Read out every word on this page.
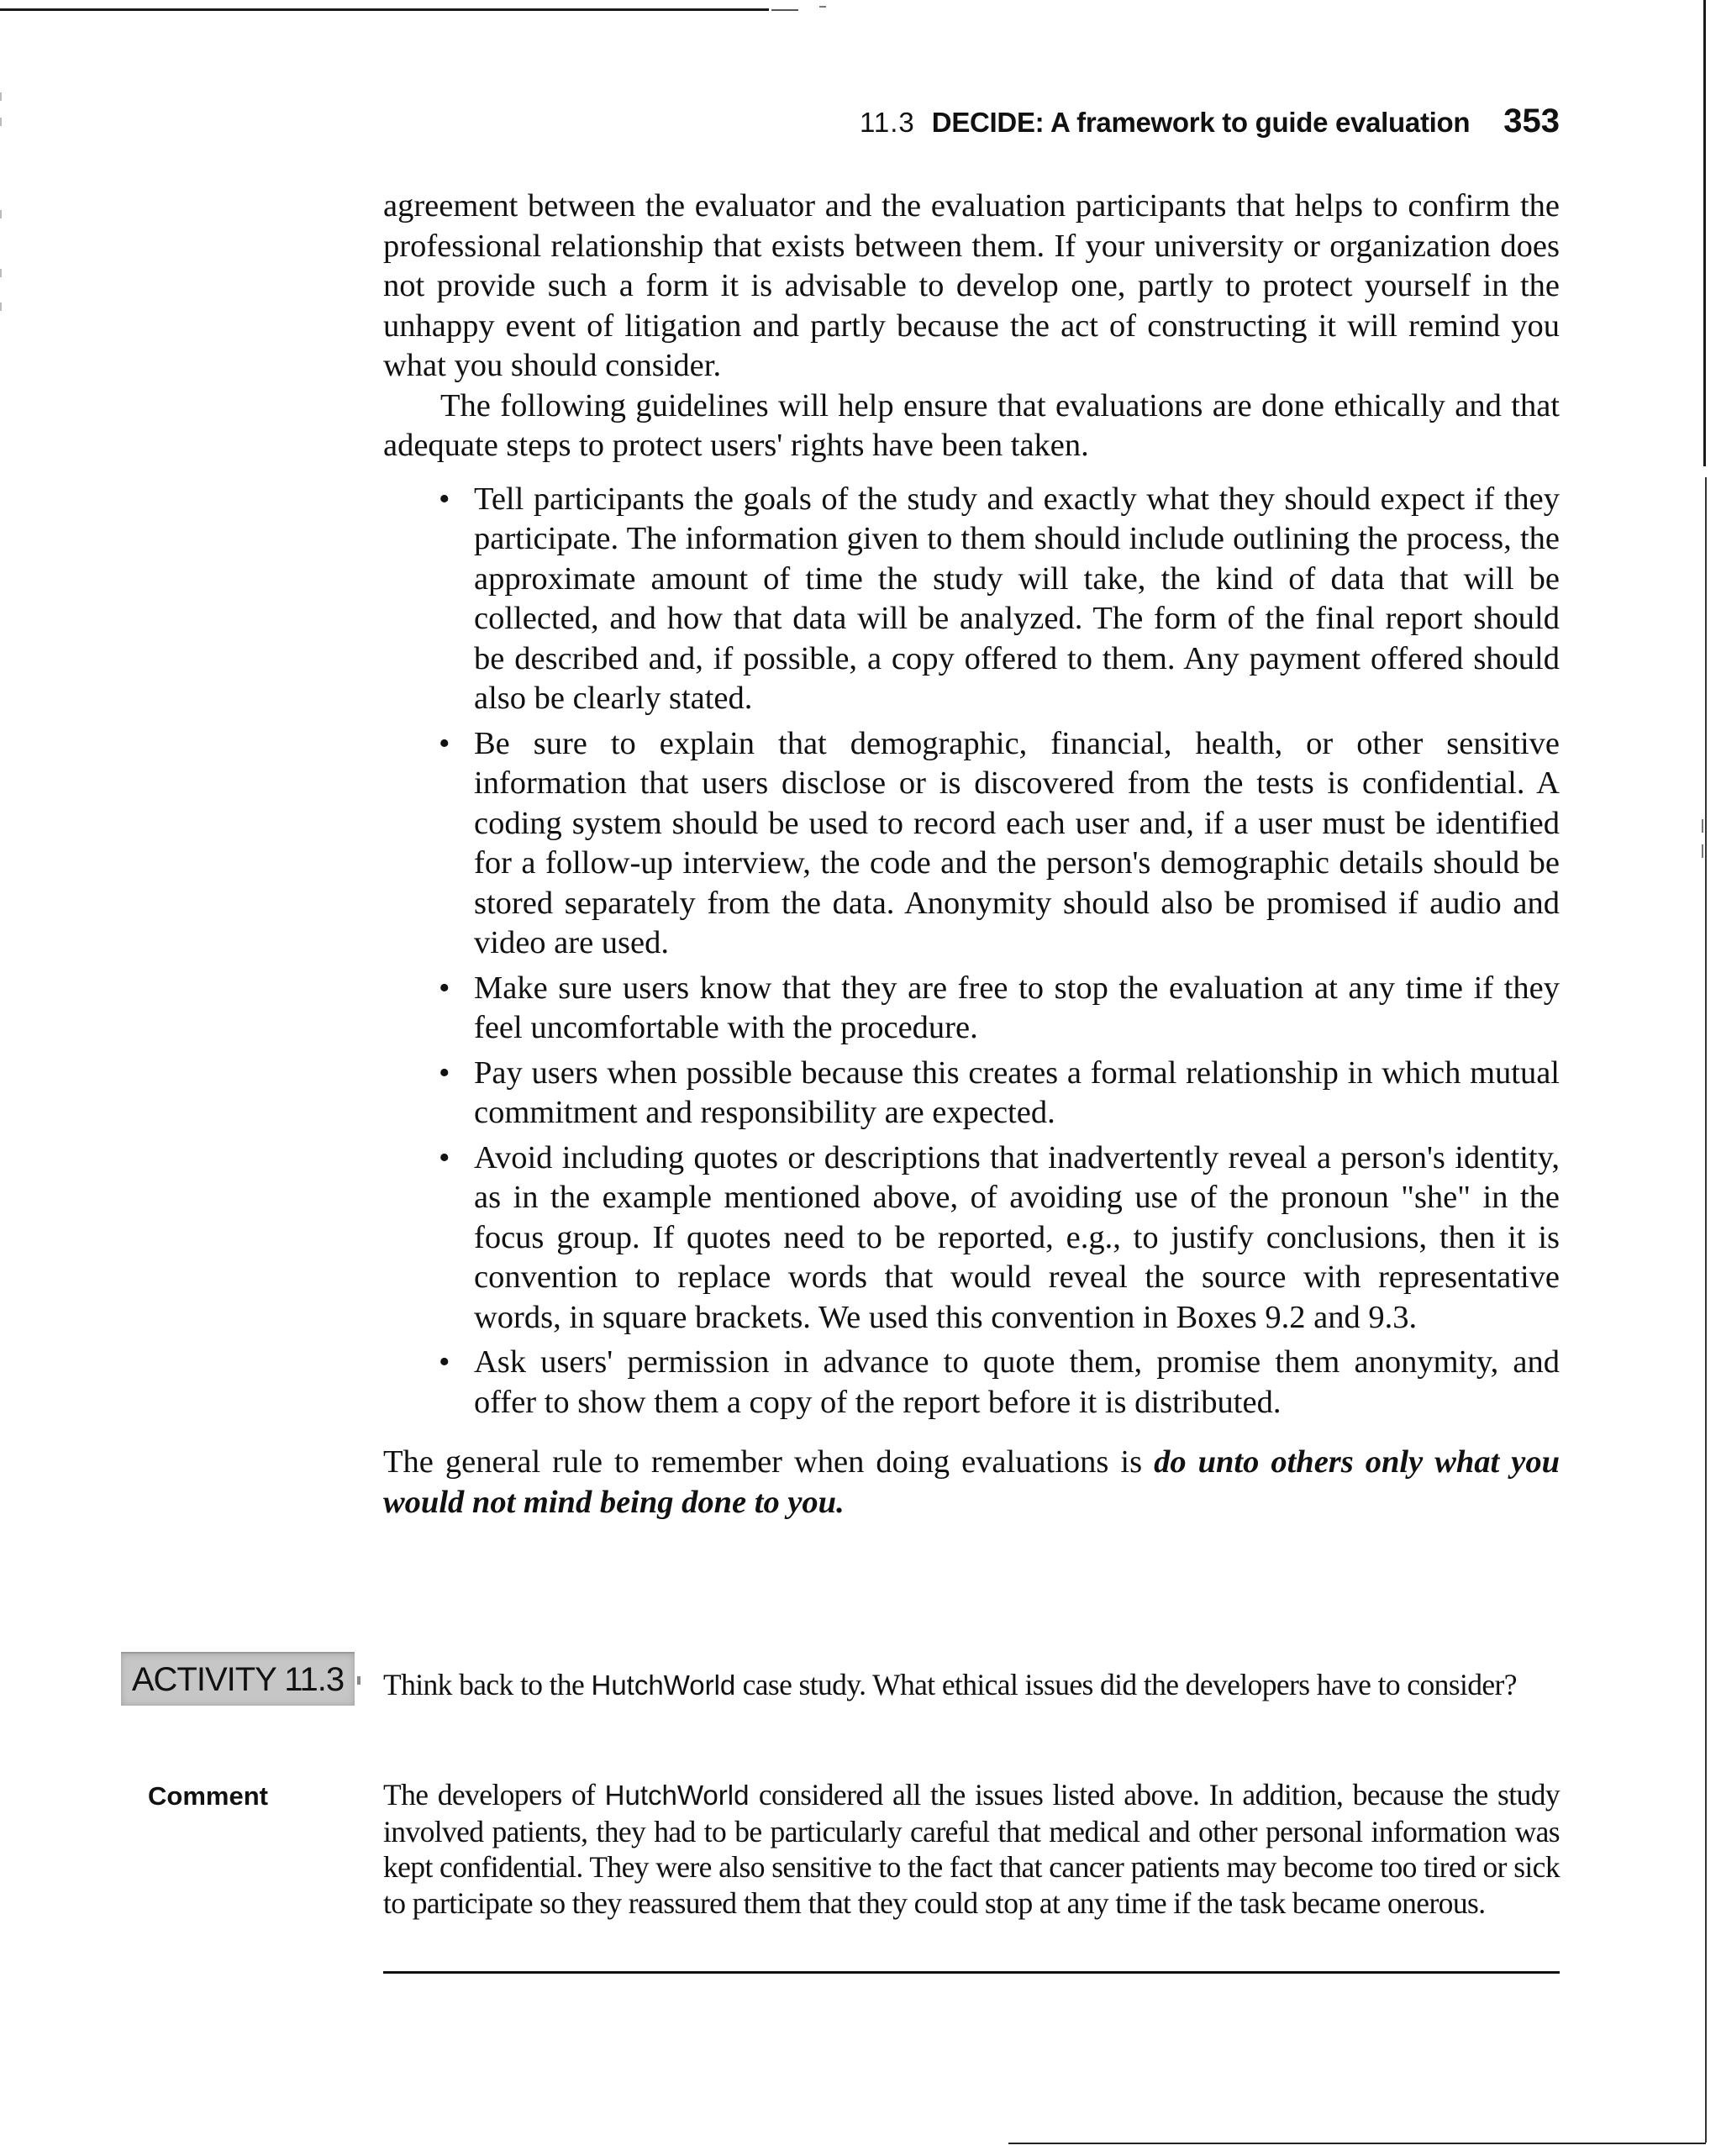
11.3 DECIDE: A framework to guide evaluation 353

agreement between the evaluator and the evaluation participants that helps to confirm the professional relationship that exists between them. If your university or organization does not provide such a form it is advisable to develop one, partly to protect yourself in the unhappy event of litigation and partly because the act of constructing it will remind you what you should consider.

The following guidelines will help ensure that evaluations are done ethically and that adequate steps to protect users' rights have been taken.

• Tell participants the goals of the study and exactly what they should expect if they participate. The information given to them should include outlining the process, the approximate amount of time the study will take, the kind of data that will be collected, and how that data will be analyzed. The form of the final report should be described and, if possible, a copy offered to them. Any payment offered should also be clearly stated.
• Be sure to explain that demographic, financial, health, or other sensitive information that users disclose or is discovered from the tests is confidential. A coding system should be used to record each user and, if a user must be identified for a follow-up interview, the code and the person's demographic details should be stored separately from the data. Anonymity should also be promised if audio and video are used.
• Make sure users know that they are free to stop the evaluation at any time if they feel uncomfortable with the procedure.
• Pay users when possible because this creates a formal relationship in which mutual commitment and responsibility are expected.
• Avoid including quotes or descriptions that inadvertently reveal a person's identity, as in the example mentioned above, of avoiding use of the pronoun "she" in the focus group. If quotes need to be reported, e.g., to justify conclusions, then it is convention to replace words that would reveal the source with representative words, in square brackets. We used this convention in Boxes 9.2 and 9.3.
• Ask users' permission in advance to quote them, promise them anonymity, and offer to show them a copy of the report before it is distributed.

The general rule to remember when doing evaluations is do unto others only what you would not mind being done to you.

ACTIVITY 11.3	Think back to the HutchWorld case study. What ethical issues did the developers have to consider?
Comment	The developers of HutchWorld considered all the issues listed above. In addition, because the study involved patients, they had to be particularly careful that medical and other personal information was kept confidential. They were also sensitive to the fact that cancer patients may become too tired or sick to participate so they reassured them that they could stop at any time if the task became onerous.
